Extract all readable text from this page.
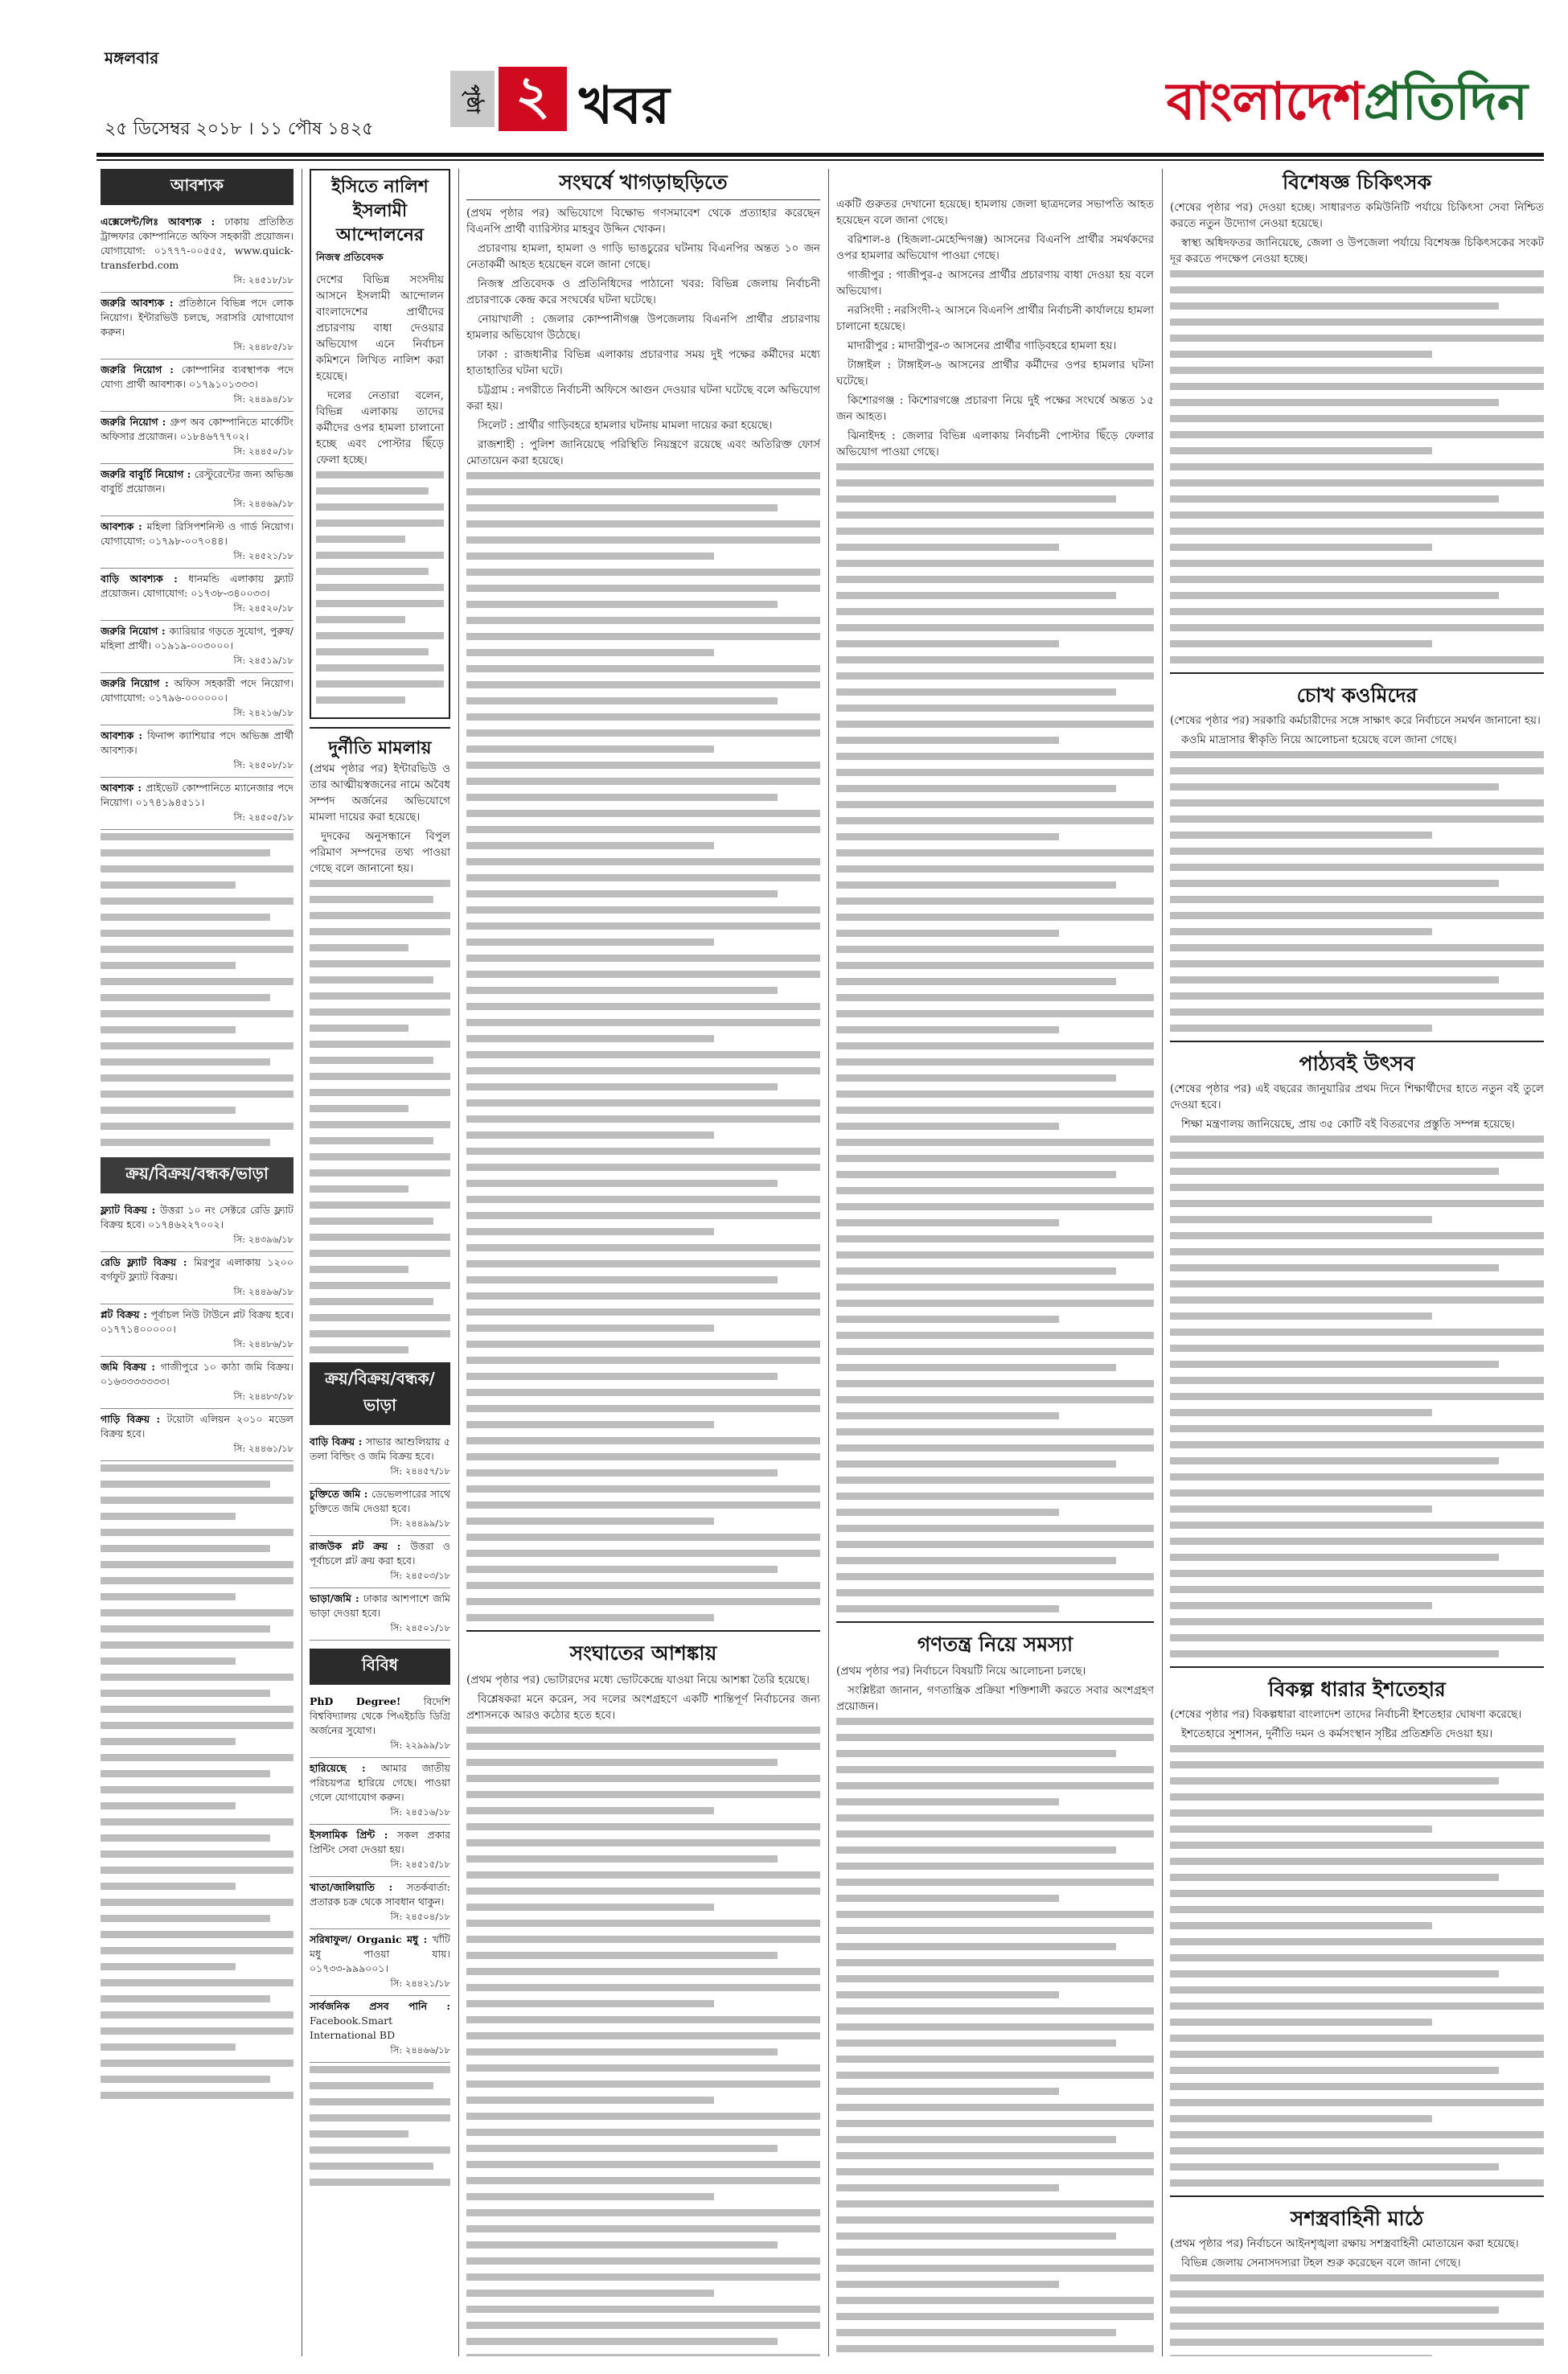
মঙ্গলবার
২৫ ডিসেম্বর ২০১৮ । ১১ পৌষ ১৪২৫
পৃষ্ঠা ২ খবর	বাংলাদেশপ্রতিদিন
আবশ্যক
এক্সেলেন্ট/লিঃ আবশ্যক : ঢাকায় প্রতিষ্ঠিত ট্রান্সফার কোম্পানিতে অফিস সহকারী প্রয়োজন। যোগাযোগ: ০১৭৭৭-০০৫৫৫, www.quick-transferbd.com
সি: ২৪৫১৮/১৮
জরুরি আবশ্যক : প্রতিষ্ঠানে বিভিন্ন পদে লোক নিয়োগ। ইন্টারভিউ চলছে, সরাসরি যোগাযোগ করুন।
সি: ২৪৪৮৫/১৮
জরুরি নিয়োগ : কোম্পানির ব্যবস্থাপক পদে যোগ্য প্রার্থী আবশ্যক। ০১৭৯১০১৩৩৩।
সি: ২৪৪৯৪/১৮
জরুরি নিয়োগ : গ্রুপ অব কোম্পানিতে মার্কেটিং অফিসার প্রয়োজন। ০১৮৪৬৭৭৭০২।
সি: ২৪৪৫০/১৮
জরুরি বাবুর্চি নিয়োগ : রেস্টুরেন্টের জন্য অভিজ্ঞ বাবুর্চি প্রয়োজন।
সি: ২৪৪৬৯/১৮
আবশ্যক : মহিলা রিসিপশনিস্ট ও গার্ড নিয়োগ। যোগাযোগ: ০১৭৯৮-০০৭০৪৪।
সি: ২৪৫২১/১৮
বাড়ি আবশ্যক : ধানমন্ডি এলাকায় ফ্ল্যাট প্রয়োজন। যোগাযোগ: ০১৭৩৮-৩৪০০৩৩।
সি: ২৪৫২০/১৮
জরুরি নিয়োগ : ক্যারিয়ার গড়তে সুযোগ, পুরুষ/মহিলা প্রার্থী। ০১৯১৯-০০৩০০০।
সি: ২৪৫১৯/১৮
জরুরি নিয়োগ : অফিস সহকারী পদে নিয়োগ। যোগাযোগ: ০১৭৯৬-০০০০০০।
সি: ২৪২১৬/১৮
আবশ্যক : ফিনান্স ক্যাশিয়ার পদে অভিজ্ঞ প্রার্থী আবশ্যক।
সি: ২৪৫০৮/১৮
আবশ্যক : প্রাইভেট কোম্পানিতে ম্যানেজার পদে নিয়োগ। ০১৭৪১৯৪৫১১।
সি: ২৪৫০৫/১৮
ক্রয়/বিক্রয়/বন্ধক/ভাড়া
ফ্ল্যাট বিক্রয় : উত্তরা ১০ নং সেক্টরে রেডি ফ্ল্যাট বিক্রয় হবে। ০১৭৪৬২২৭০০২।
সি: ২৪৩৯৬/১৮
রেডি ফ্ল্যাট বিক্রয় : মিরপুর এলাকায় ১২০০ বর্গফুট ফ্ল্যাট বিক্রয়।
সি: ২৪৪৯৬/১৮
প্লট বিক্রয় : পূর্বাচল নিউ টাউনে প্লট বিক্রয় হবে। ০১৭৭১৪০০০০০।
সি: ২৪৪৮৬/১৮
জমি বিক্রয় : গাজীপুরে ১০ কাঠা জমি বিক্রয়। ০১৬৩৩৩৩৩৩৩।
সি: ২৪৪৮৩/১৮
গাড়ি বিক্রয় : টয়োটা এলিয়ন ২০১০ মডেল বিক্রয় হবে।
সি: ২৪৪৬১/১৮
ইসিতে নালিশ ইসলামী আন্দোলনের
নিজস্ব প্রতিবেদক

দেশের বিভিন্ন সংসদীয় আসনে ইসলামী আন্দোলন বাংলাদেশের প্রার্থীদের প্রচারণায় বাধা দেওয়ার অভিযোগ এনে নির্বাচন কমিশনে লিখিত নালিশ করা হয়েছে।

দলের নেতারা বলেন, বিভিন্ন এলাকায় তাদের কর্মীদের ওপর হামলা চালানো হচ্ছে এবং পোস্টার ছিঁড়ে ফেলা হচ্ছে।

দুর্নীতি মামলায়

(প্রথম পৃষ্ঠার পর) ইন্টারভিউ ও তার আত্মীয়স্বজনের নামে অবৈধ সম্পদ অর্জনের অভিযোগে মামলা দায়ের করা হয়েছে।

দুদকের অনুসন্ধানে বিপুল পরিমাণ সম্পদের তথ্য পাওয়া গেছে বলে জানানো হয়।

ক্রয়/বিক্রয়/বন্ধক/ভাড়া
বাড়ি বিক্রয় : সাভার আশুলিয়ায় ৫ তলা বিল্ডিং ও জমি বিক্রয় হবে।
সি: ২৪৪৫৭/১৮
চুক্তিতে জমি : ডেভেলপারের সাথে চুক্তিতে জমি দেওয়া হবে।
সি: ২৪৪৯৯/১৮
রাজউক প্লট ক্রয় : উত্তরা ও পূর্বাচলে প্লট ক্রয় করা হবে।
সি: ২৪৫০৩/১৮
ভাড়া/জমি : ঢাকার আশপাশে জমি ভাড়া দেওয়া হবে।
সি: ২৪৫০১/১৮
বিবিধ
PhD Degree! বিদেশি বিশ্ববিদ্যালয় থেকে পিএইচডি ডিগ্রি অর্জনের সুযোগ।
সি: ২২৯৯৯/১৮
হারিয়েছে : আমার জাতীয় পরিচয়পত্র হারিয়ে গেছে। পাওয়া গেলে যোগাযোগ করুন।
সি: ২৪৫১৬/১৮
ইসলামিক প্রিন্ট : সকল প্রকার প্রিন্টিং সেবা দেওয়া হয়।
সি: ২৪৫১৫/১৮
খাতা/জালিয়াতি : সতর্কবার্তা: প্রতারক চক্র থেকে সাবধান থাকুন।
সি: ২৪৫০৪/১৮
সরিষাফুল/ Organic মধু : খাঁটি মধু পাওয়া যায়। ০১৭৩৩-৯৯৯০০১।
সি: ২৪৪২১/১৮
সার্বজনিক প্রসব পানি : Facebook.Smart International BD
সি: ২৪৪৬৬/১৮
সংঘর্ষে খাগড়াছড়িতে

(প্রথম পৃষ্ঠার পর) অভিযোগে বিক্ষোভ গণসমাবেশ থেকে প্রত্যাহার করেছেন বিএনপি প্রার্থী ব্যারিস্টার মাহবুব উদ্দিন খোকন।

প্রচারণায় হামলা, হামলা ও গাড়ি ভাঙচুরের ঘটনায় বিএনপির অন্তত ১০ জন নেতাকর্মী আহত হয়েছেন বলে জানা গেছে।

নিজস্ব প্রতিবেদক ও প্রতিনিধিদের পাঠানো খবর: বিভিন্ন জেলায় নির্বাচনী প্রচারণাকে কেন্দ্র করে সংঘর্ষের ঘটনা ঘটেছে।

নোয়াখালী : জেলার কোম্পানীগঞ্জ উপজেলায় বিএনপি প্রার্থীর প্রচারণায় হামলার অভিযোগ উঠেছে।

ঢাকা : রাজধানীর বিভিন্ন এলাকায় প্রচারণার সময় দুই পক্ষের কর্মীদের মধ্যে হাতাহাতির ঘটনা ঘটে।

চট্টগ্রাম : নগরীতে নির্বাচনী অফিসে আগুন দেওয়ার ঘটনা ঘটেছে বলে অভিযোগ করা হয়।

সিলেট : প্রার্থীর গাড়িবহরে হামলার ঘটনায় মামলা দায়ের করা হয়েছে।

রাজশাহী : পুলিশ জানিয়েছে পরিস্থিতি নিয়ন্ত্রণে রয়েছে এবং অতিরিক্ত ফোর্স মোতায়েন করা হয়েছে।

সংঘাতের আশঙ্কায়

(প্রথম পৃষ্ঠার পর) ভোটারদের মধ্যে ভোটকেন্দ্রে যাওয়া নিয়ে আশঙ্কা তৈরি হয়েছে।

বিশ্লেষকরা মনে করেন, সব দলের অংশগ্রহণে একটি শান্তিপূর্ণ নির্বাচনের জন্য প্রশাসনকে আরও কঠোর হতে হবে।

একটি গুরুতর দেখানো হয়েছে। হামলায় জেলা ছাত্রদলের সভাপতি আহত হয়েছেন বলে জানা গেছে।

বরিশাল-৪ (হিজলা-মেহেন্দিগঞ্জ) আসনের বিএনপি প্রার্থীর সমর্থকদের ওপর হামলার অভিযোগ পাওয়া গেছে।

গাজীপুর : গাজীপুর-৫ আসনের প্রার্থীর প্রচারণায় বাধা দেওয়া হয় বলে অভিযোগ।

নরসিংদী : নরসিংদী-২ আসনে বিএনপি প্রার্থীর নির্বাচনী কার্যালয়ে হামলা চালানো হয়েছে।

মাদারীপুর : মাদারীপুর-৩ আসনের প্রার্থীর গাড়িবহরে হামলা হয়।

টাঙ্গাইল : টাঙ্গাইল-৬ আসনের প্রার্থীর কর্মীদের ওপর হামলার ঘটনা ঘটেছে।

কিশোরগঞ্জ : কিশোরগঞ্জে প্রচারণা নিয়ে দুই পক্ষের সংঘর্ষে অন্তত ১৫ জন আহত।

ঝিনাইদহ : জেলার বিভিন্ন এলাকায় নির্বাচনী পোস্টার ছিঁড়ে ফেলার অভিযোগ পাওয়া গেছে।

গণতন্ত্র নিয়ে সমস্যা

(প্রথম পৃষ্ঠার পর) নির্বাচনে বিষয়টি নিয়ে আলোচনা চলছে।

সংশ্লিষ্টরা জানান, গণতান্ত্রিক প্রক্রিয়া শক্তিশালী করতে সবার অংশগ্রহণ প্রয়োজন।

বিশেষজ্ঞ চিকিৎসক

(শেষের পৃষ্ঠার পর) দেওয়া হচ্ছে। সাধারণত কমিউনিটি পর্যায়ে চিকিৎসা সেবা নিশ্চিত করতে নতুন উদ্যোগ নেওয়া হয়েছে।

স্বাস্থ্য অধিদফতর জানিয়েছে, জেলা ও উপজেলা পর্যায়ে বিশেষজ্ঞ চিকিৎসকের সংকট দূর করতে পদক্ষেপ নেওয়া হচ্ছে।

চোখ কওমিদের

(শেষের পৃষ্ঠার পর) সরকারি কর্মচারীদের সঙ্গে সাক্ষাৎ করে নির্বাচনে সমর্থন জানানো হয়।

কওমি মাদ্রাসার স্বীকৃতি নিয়ে আলোচনা হয়েছে বলে জানা গেছে।

পাঠ্যবই উৎসব

(শেষের পৃষ্ঠার পর) এই বছরের জানুয়ারির প্রথম দিনে শিক্ষার্থীদের হাতে নতুন বই তুলে দেওয়া হবে।

শিক্ষা মন্ত্রণালয় জানিয়েছে, প্রায় ৩৫ কোটি বই বিতরণের প্রস্তুতি সম্পন্ন হয়েছে।

বিকল্প ধারার ইশতেহার

(শেষের পৃষ্ঠার পর) বিকল্পধারা বাংলাদেশ তাদের নির্বাচনী ইশতেহার ঘোষণা করেছে।

ইশতেহারে সুশাসন, দুর্নীতি দমন ও কর্মসংস্থান সৃষ্টির প্রতিশ্রুতি দেওয়া হয়।

সশস্ত্রবাহিনী মাঠে

(প্রথম পৃষ্ঠার পর) নির্বাচনে আইনশৃঙ্খলা রক্ষায় সশস্ত্রবাহিনী মোতায়েন করা হয়েছে।

বিভিন্ন জেলায় সেনাসদস্যরা টহল শুরু করেছেন বলে জানা গেছে।
